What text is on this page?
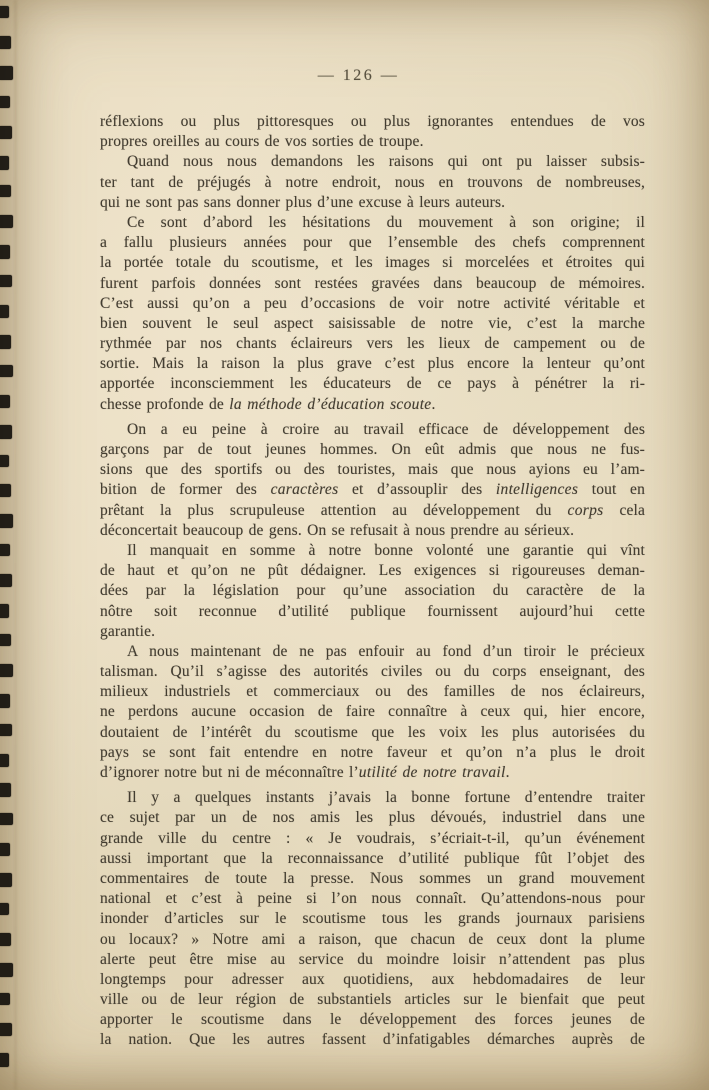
— 126 —
réflexions ou plus pittoresques ou plus ignorantes entendues de vos
propres oreilles au cours de vos sorties de troupe.
Quand nous nous demandons les raisons qui ont pu laisser subsis-
ter tant de préjugés à notre endroit, nous en trouvons de nombreuses,
qui ne sont pas sans donner plus d’une excuse à leurs auteurs.
Ce sont d’abord les hésitations du mouvement à son origine; il
a fallu plusieurs années pour que l’ensemble des chefs comprennent
la portée totale du scoutisme, et les images si morcelées et étroites qui
furent parfois données sont restées gravées dans beaucoup de mémoires.
C’est aussi qu’on a peu d’occasions de voir notre activité véritable et
bien souvent le seul aspect saisissable de notre vie, c’est la marche
rythmée par nos chants éclaireurs vers les lieux de campement ou de
sortie. Mais la raison la plus grave c’est plus encore la lenteur qu’ont
apportée inconsciemment les éducateurs de ce pays à pénétrer la ri-
chesse profonde de la méthode d’éducation scoute.
On a eu peine à croire au travail efficace de développement des
garçons par de tout jeunes hommes. On eût admis que nous ne fus-
sions que des sportifs ou des touristes, mais que nous ayions eu l’am-
bition de former des caractères et d’assouplir des intelligences tout en
prêtant la plus scrupuleuse attention au développement du corps cela
déconcertait beaucoup de gens. On se refusait à nous prendre au sérieux.
Il manquait en somme à notre bonne volonté une garantie qui vînt
de haut et qu’on ne pût dédaigner. Les exigences si rigoureuses deman-
dées par la législation pour qu’une association du caractère de la
nôtre soit reconnue d’utilité publique fournissent aujourd’hui cette
garantie.
A nous maintenant de ne pas enfouir au fond d’un tiroir le précieux
talisman. Qu’il s’agisse des autorités civiles ou du corps enseignant, des
milieux industriels et commerciaux ou des familles de nos éclaireurs,
ne perdons aucune occasion de faire connaître à ceux qui, hier encore,
doutaient de l’intérêt du scoutisme que les voix les plus autorisées du
pays se sont fait entendre en notre faveur et qu’on n’a plus le droit
d’ignorer notre but ni de méconnaître l’utilité de notre travail.
Il y a quelques instants j’avais la bonne fortune d’entendre traiter
ce sujet par un de nos amis les plus dévoués, industriel dans une
grande ville du centre : « Je voudrais, s’écriait-t-il, qu’un événement
aussi important que la reconnaissance d’utilité publique fût l’objet des
commentaires de toute la presse. Nous sommes un grand mouvement
national et c’est à peine si l’on nous connaît. Qu’attendons-nous pour
inonder d’articles sur le scoutisme tous les grands journaux parisiens
ou locaux? » Notre ami a raison, que chacun de ceux dont la plume
alerte peut être mise au service du moindre loisir n’attendent pas plus
longtemps pour adresser aux quotidiens, aux hebdomadaires de leur
ville ou de leur région de substantiels articles sur le bienfait que peut
apporter le scoutisme dans le développement des forces jeunes de
la nation. Que les autres fassent d’infatigables démarches auprès de
